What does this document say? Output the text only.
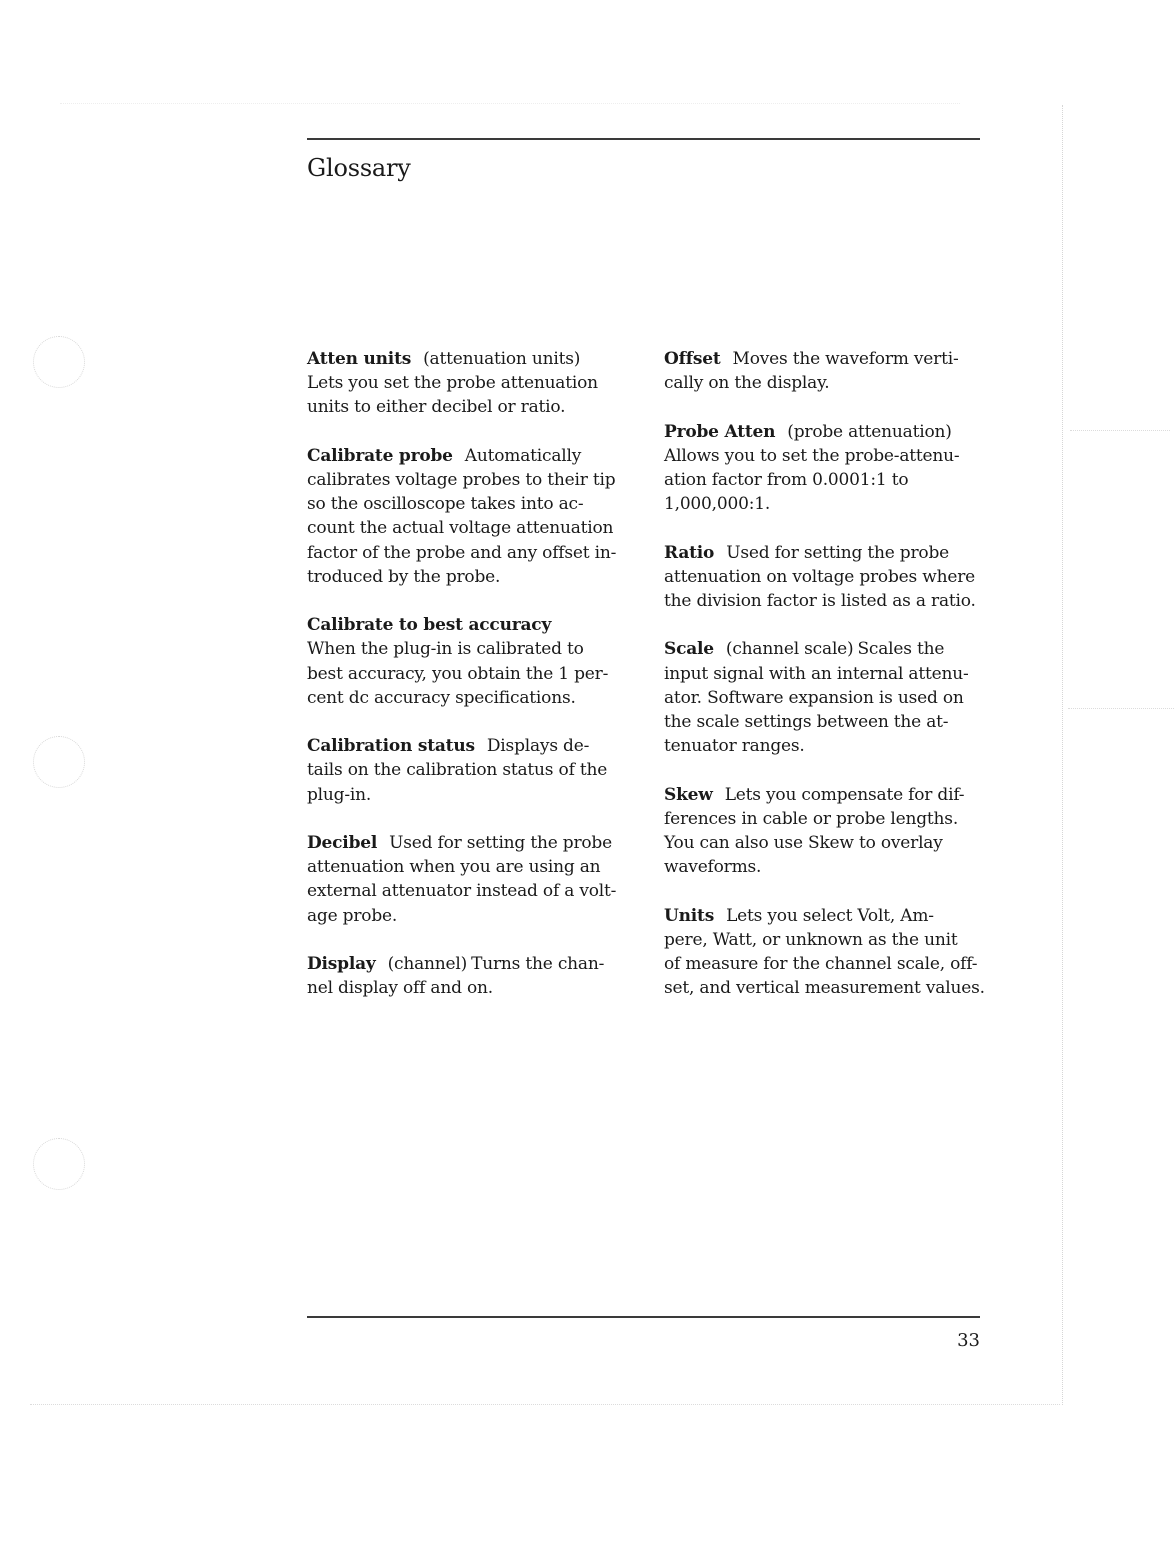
Glossary

Atten units (attenuation units)

Lets you set the probe attenuation

units to either decibel or ratio.

Calibrate probe Automatically

calibrates voltage probes to their tip

so the oscilloscope takes into ac-

count the actual voltage attenuation

factor of the probe and any offset in-

troduced by the probe.

Calibrate to best accuracy

When the plug-in is calibrated to

best accuracy, you obtain the 1 per-

cent dc accuracy specifications.

Calibration status Displays de-

tails on the calibration status of the

plug-in.

Decibel Used for setting the probe

attenuation when you are using an

external attenuator instead of a volt-

age probe.

Display (channel) Turns the chan-

nel display off and on.

Offset Moves the waveform verti-

cally on the display.

Probe Atten (probe attenuation)

Allows you to set the probe-attenu-

ation factor from 0.0001:1 to

1,000,000:1.

Ratio Used for setting the probe

attenuation on voltage probes where

the division factor is listed as a ratio.

Scale (channel scale) Scales the

input signal with an internal attenu-

ator. Software expansion is used on

the scale settings between the at-

tenuator ranges.

Skew Lets you compensate for dif-

ferences in cable or probe lengths.

You can also use Skew to overlay

waveforms.

Units Lets you select Volt, Am-

pere, Watt, or unknown as the unit

of measure for the channel scale, off-

set, and vertical measurement values.

33
